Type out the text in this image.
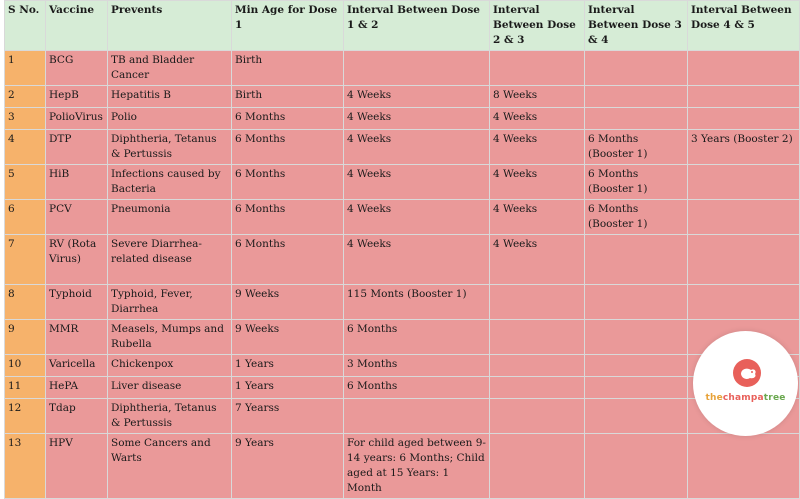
S No.	Vaccine	Prevents	Min Age for Dose 1	Interval Between Dose 1 & 2	Interval Between Dose 2 & 3	Interval Between Dose 3 & 4	Interval Between Dose 4 & 5
1	BCG	TB and Bladder Cancer	Birth				
2	HepB	Hepatitis B	Birth	4 Weeks	8 Weeks		
3	PolioVirus	Polio	6 Months	4 Weeks	4 Weeks		
4	DTP	Diphtheria, Tetanus & Pertussis	6 Months	4 Weeks	4 Weeks	6 Months (Booster 1)	3 Years (Booster 2)
5	HiB	Infections caused by Bacteria	6 Months	4 Weeks	4 Weeks	6 Months (Booster 1)	
6	PCV	Pneumonia	6 Months	4 Weeks	4 Weeks	6 Months (Booster 1)	
7	RV (Rota Virus)	Severe Diarrhea-related disease	6 Months	4 Weeks	4 Weeks		
8	Typhoid	Typhoid, Fever, Diarrhea	9 Weeks	115 Monts (Booster 1)			
9	MMR	Measels, Mumps and Rubella	9 Weeks	6 Months			
10	Varicella	Chickenpox	1 Years	3 Months			
11	HePA	Liver disease	1 Years	6 Months			
12	Tdap	Diphtheria, Tetanus & Pertussis	7 Yearss				
13	HPV	Some Cancers and Warts	9 Years	For child aged between 9-14 years: 6 Months; Child aged at 15 Years: 1 Month			
thechampatree
